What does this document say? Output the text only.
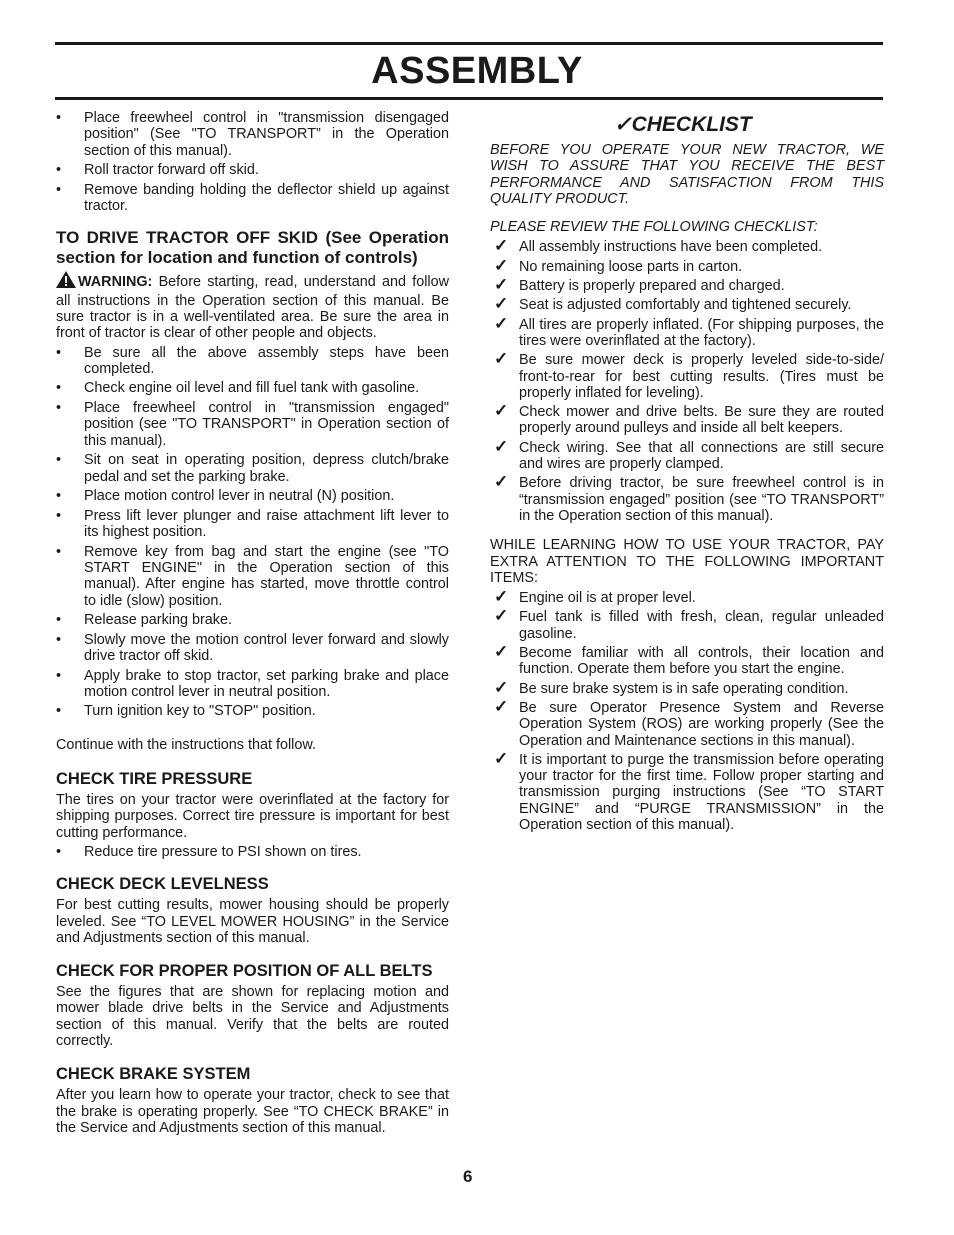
ASSEMBLY
• Place freewheel control in "transmission disengaged position" (See "TO TRANSPORT” in the Operation section of this manual).
• Roll tractor forward off skid.
• Remove banding holding the deflector shield up against tractor.
TO DRIVE TRACTOR OFF SKID (See Operation section for location and function of controls)

WARNING: Before starting, read, understand and follow all instructions in the Operation section of this manual. Be sure tractor is in a well-ventilated area. Be sure the area in front of tractor is clear of other people and objects.

• Be sure all the above assembly steps have been completed.
• Check engine oil level and fill fuel tank with gasoline.
• Place freewheel control in "transmission engaged" position (see "TO TRANSPORT" in Operation section of this manual).
• Sit on seat in operating position, depress clutch/brake pedal and set the parking brake.
• Place motion control lever in neutral (N) position.
• Press lift lever plunger and raise attachment lift lever to its highest position.
• Remove key from bag and start the engine (see "TO START ENGINE" in the Operation section of this manual). After engine has started, move throttle control to idle (slow) position.
• Release parking brake.
• Slowly move the motion control lever forward and slowly drive tractor off skid.
• Apply brake to stop tractor, set parking brake and place motion control lever in neutral position.
• Turn ignition key to "STOP" position.

Continue with the instructions that follow.

CHECK TIRE PRESSURE

The tires on your tractor were overinflated at the factory for shipping purposes. Correct tire pressure is important for best cutting performance.

• Reduce tire pressure to PSI shown on tires.
CHECK DECK LEVELNESS

For best cutting results, mower housing should be properly leveled. See “TO LEVEL MOWER HOUSING” in the Service and Adjustments section of this manual.

CHECK FOR PROPER POSITION OF ALL BELTS

See the figures that are shown for replacing motion and mower blade drive belts in the Service and Adjustments section of this manual. Verify that the belts are routed correctly.

CHECK BRAKE SYSTEM

After you learn how to operate your tractor, check to see that the brake is operating properly. See “TO CHECK BRAKE” in the Service and Adjustments section of this manual.

✓CHECKLIST

BEFORE YOU OPERATE YOUR NEW TRACTOR, WE WISH TO ASSURE THAT YOU RECEIVE THE BEST PERFORMANCE AND SATISFACTION FROM THIS QUALITY PRODUCT.

PLEASE REVIEW THE FOLLOWING CHECKLIST:

✓ All assembly instructions have been completed.
✓ No remaining loose parts in carton.
✓ Battery is properly prepared and charged.
✓ Seat is adjusted comfortably and tightened securely.
✓ All tires are properly inflated. (For shipping purposes, the tires were overinflated at the factory).
✓ Be sure mower deck is properly leveled side-to-side/ front-to-rear for best cutting results. (Tires must be properly inflated for leveling).
✓ Check mower and drive belts. Be sure they are routed properly around pulleys and inside all belt keepers.
✓ Check wiring. See that all connections are still secure and wires are properly clamped.
✓ Before driving tractor, be sure freewheel control is in “transmission engaged” position (see “TO TRANSPORT” in the Operation section of this manual).

WHILE LEARNING HOW TO USE YOUR TRACTOR, PAY EXTRA ATTENTION TO THE FOLLOWING IMPORTANT ITEMS:

✓ Engine oil is at proper level.
✓ Fuel tank is filled with fresh, clean, regular unleaded gasoline.
✓ Become familiar with all controls, their location and function. Operate them before you start the engine.
✓ Be sure brake system is in safe operating condition.
✓ Be sure Operator Presence System and Reverse Operation System (ROS) are working properly (See the Operation and Maintenance sections in this manual).
✓ It is important to purge the transmission before operating your tractor for the first time. Follow proper starting and transmission purging instructions (See “TO START ENGINE” and “PURGE TRANSMISSION” in the Operation section of this manual).
6
